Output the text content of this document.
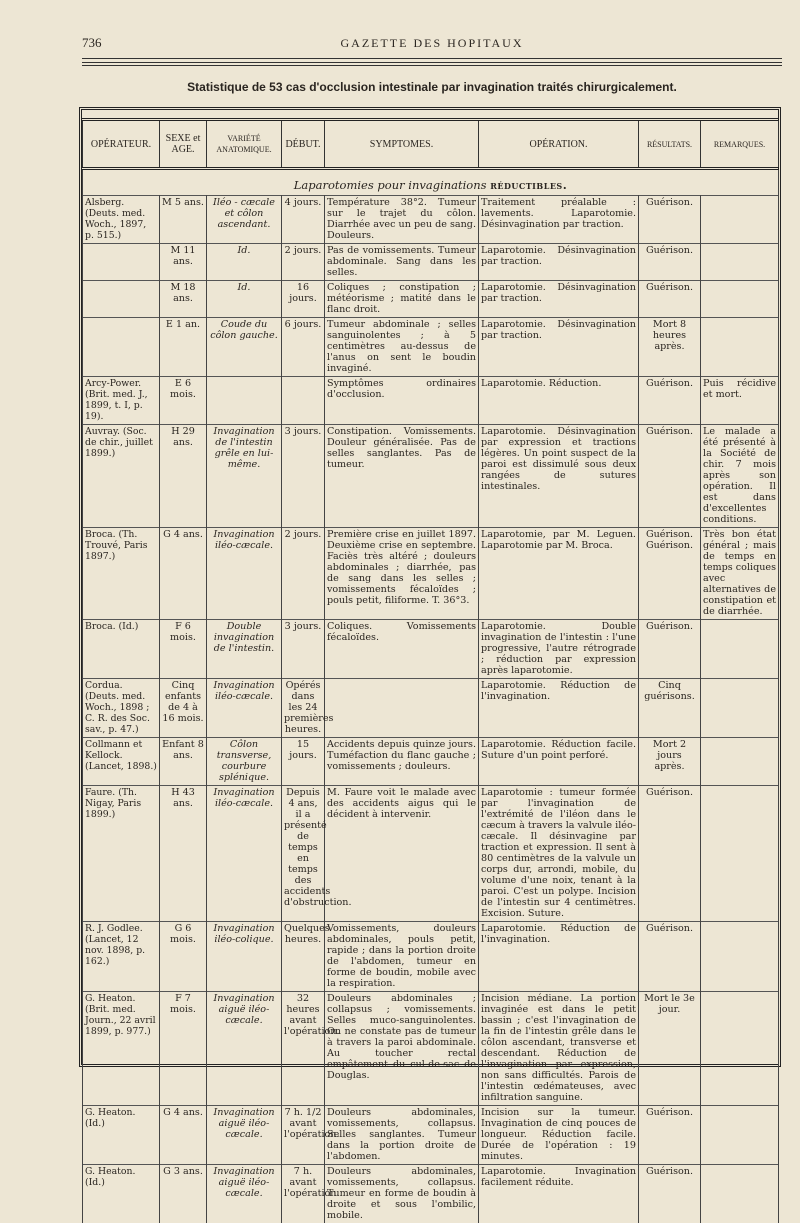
736	GAZETTE DES HOPITAUX
Statistique de 53 cas d'occlusion intestinale par invagination traités chirurgicalement.
OPÉRATEUR.	SEXE et AGE.	VARIÉTÉ ANATOMIQUE.	DÉBUT.	SYMPTOMES.	OPÉRATION.	RÉSULTATS.	REMARQUES.
Laparotomies pour invaginations réductibles.							
Alsberg. (Deuts. med. Woch., 1897, p. 515.)	M 5 ans.	Iléo - cæcale et côlon ascendant.	4 jours.	Température 38°2. Tumeur sur le trajet du côlon. Diarrhée avec un peu de sang. Douleurs.	Traitement préalable : lavements. Laparotomie. Désinvagination par traction.	Guérison.	
	M 11 ans.	Id.	2 jours.	Pas de vomissements. Tumeur abdominale. Sang dans les selles.	Laparotomie. Désinvagination par traction.	Guérison.	
	M 18 ans.	Id.	16 jours.	Coliques ; constipation ; météorisme ; matité dans le flanc droit.	Laparotomie. Désinvagination par traction.	Guérison.	
	E 1 an.	Coude du côlon gauche.	6 jours.	Tumeur abdominale ; selles sanguinolentes ; à 5 centimètres au-dessus de l'anus on sent le boudin invaginé.	Laparotomie. Désinvagination par traction.	Mort 8 heures après.	
Arcy-Power. (Brit. med. J., 1899, t. I, p. 19).	E 6 mois.			Symptômes ordinaires d'occlusion.	Laparotomie. Réduction.	Guérison.	Puis récidive et mort.
Auvray. (Soc. de chir., juillet 1899.)	H 29 ans.	Invagination de l'intestin grêle en lui-même.	3 jours.	Constipation. Vomissements. Douleur généralisée. Pas de selles sanglantes. Pas de tumeur.	Laparotomie. Désinvagination par expression et tractions légères. Un point suspect de la paroi est dissimulé sous deux rangées de sutures intestinales.	Guérison.	Le malade a été présenté à la Société de chir. 7 mois après son opération. Il est dans d'excellentes conditions.
Broca. (Th. Trouvé, Paris 1897.)	G 4 ans.	Invagination iléo-cæcale.	2 jours.	Première crise en juillet 1897. Deuxième crise en septembre. Faciès très altéré ; douleurs abdominales ; diarrhée, pas de sang dans les selles ; vomissements fécaloïdes ; pouls petit, filiforme. T. 36°3.	Laparotomie, par M. Leguen. Laparotomie par M. Broca.	Guérison. Guérison.	Très bon état général ; mais de temps en temps coliques avec alternatives de constipation et de diarrhée.
Broca. (Id.)	F 6 mois.	Double invagination de l'intestin.	3 jours.	Coliques. Vomissements fécaloïdes.	Laparotomie. Double invagination de l'intestin : l'une progressive, l'autre rétrograde ; réduction par expression après laparotomie.	Guérison.	
Cordua. (Deuts. med. Woch., 1898 ; C. R. des Soc. sav., p. 47.)	Cinq enfants de 4 à 16 mois.	Invagination iléo-cæcale.	Opérés dans les 24 premières heures.		Laparotomie. Réduction de l'invagination.	Cinq guérisons.	
Collmann et Kellock. (Lancet, 1898.)	Enfant 8 ans.	Côlon transverse, courbure splénique.	15 jours.	Accidents depuis quinze jours. Tuméfaction du flanc gauche ; vomissements ; douleurs.	Laparotomie. Réduction facile. Suture d'un point perforé.	Mort 2 jours après.	
Faure. (Th. Nigay, Paris 1899.)	H 43 ans.	Invagination iléo-cæcale.	Depuis 4 ans, il a présenté de temps en temps des accidents d'obstruction.	M. Faure voit le malade avec des accidents aigus qui le décident à intervenir.	Laparotomie : tumeur formée par l'invagination de l'extrémité de l'iléon dans le cæcum à travers la valvule iléo-cæcale. Il désinvagine par traction et expression. Il sent à 80 centimètres de la valvule un corps dur, arrondi, mobile, du volume d'une noix, tenant à la paroi. C'est un polype. Incision de l'intestin sur 4 centimètres. Excision. Suture.	Guérison.	
R. J. Godlee. (Lancet, 12 nov. 1898, p. 162.)	G 6 mois.	Invagination iléo-colique.	Quelques heures.	Vomissements, douleurs abdominales, pouls petit, rapide ; dans la portion droite de l'abdomen, tumeur en forme de boudin, mobile avec la respiration.	Laparotomie. Réduction de l'invagination.	Guérison.	
G. Heaton. (Brit. med. Journ., 22 avril 1899, p. 977.)	F 7 mois.	Invagination aiguë iléo-cæcale.	32 heures avant l'opération.	Douleurs abdominales ; collapsus ; vomissements. Selles muco-sanguinolentes. On ne constate pas de tumeur à travers la paroi abdominale. Au toucher rectal empâtement du cul-de-sac de Douglas.	Incision médiane. La portion invaginée est dans le petit bassin ; c'est l'invagination de la fin de l'intestin grêle dans le côlon ascendant, transverse et descendant. Réduction de l'invagination par expression, non sans difficultés. Parois de l'intestin œdématеuses, avec infiltration sanguine.	Mort le 3e jour.	
G. Heaton. (Id.)	G 4 ans.	Invagination aiguë iléo-cæcale.	7 h. 1/2 avant l'opération.	Douleurs abdominales, vomissements, collapsus. Selles sanglantes. Tumeur dans la portion droite de l'abdomen.	Incision sur la tumeur. Invagination de cinq pouces de longueur. Réduction facile. Durée de l'opération : 19 minutes.	Guérison.	
G. Heaton. (Id.)	G 3 ans.	Invagination aiguë iléo-cæcale.	7 h. avant l'opération.	Douleurs abdominales, vomissements, collapsus. Tumeur en forme de boudin à droite et sous l'ombilic, mobile.	Laparotomie. Invagination facilement réduite.	Guérison.	
